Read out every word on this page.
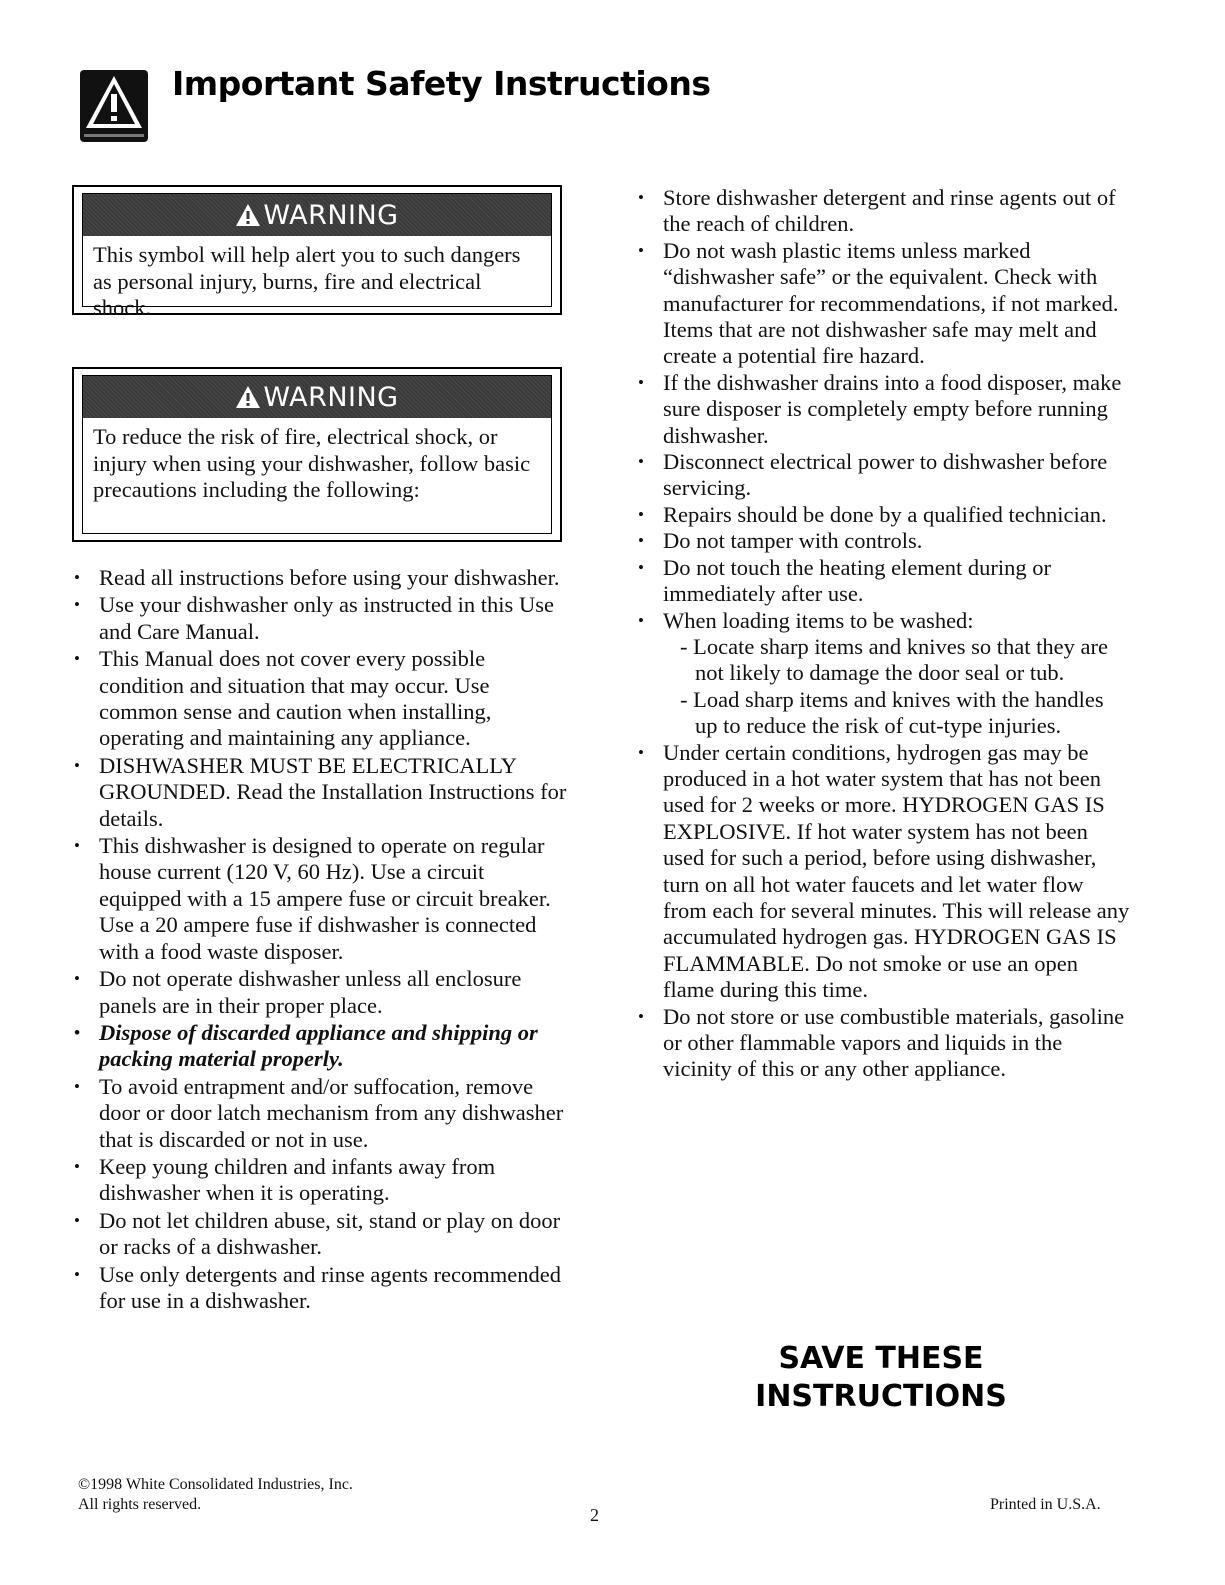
Important Safety Instructions
WARNING
This symbol will help alert you to such dangers as personal injury, burns, fire and electrical shock.
WARNING
To reduce the risk of fire, electrical shock, or injury when using your dishwasher, follow basic precautions including the following:
• Read all instructions before using your dishwasher.
• Use your dishwasher only as instructed in this Use and Care Manual.
• This Manual does not cover every possible condition and situation that may occur. Use common sense and caution when installing, operating and maintaining any appliance.
• DISHWASHER MUST BE ELECTRICALLY GROUNDED. Read the Installation Instructions for details.
• This dishwasher is designed to operate on regular house current (120 V, 60 Hz). Use a circuit equipped with a 15 ampere fuse or circuit breaker. Use a 20 ampere fuse if dishwasher is connected with a food waste disposer.
• Do not operate dishwasher unless all enclosure panels are in their proper place.
• Dispose of discarded appliance and shipping or packing material properly.
• To avoid entrapment and/or suffocation, remove door or door latch mechanism from any dishwasher that is discarded or not in use.
• Keep young children and infants away from dishwasher when it is operating.
• Do not let children abuse, sit, stand or play on door or racks of a dishwasher.
• Use only detergents and rinse agents recommended for use in a dishwasher.
• Store dishwasher detergent and rinse agents out of the reach of children.
• Do not wash plastic items unless marked “dishwasher safe” or the equivalent. Check with manufacturer for recommendations, if not marked. Items that are not dishwasher safe may melt and create a potential fire hazard.
• If the dishwasher drains into a food disposer, make sure disposer is completely empty before running dishwasher.
• Disconnect electrical power to dishwasher before servicing.
• Repairs should be done by a qualified technician.
• Do not tamper with controls.
• Do not touch the heating element during or immediately after use.
• When loading items to be washed:
- Locate sharp items and knives so that they are not likely to damage the door seal or tub.
- Load sharp items and knives with the handles up to reduce the risk of cut-type injuries.
• Under certain conditions, hydrogen gas may be produced in a hot water system that has not been used for 2 weeks or more. HYDROGEN GAS IS EXPLOSIVE. If hot water system has not been used for such a period, before using dishwasher, turn on all hot water faucets and let water flow from each for several minutes. This will release any accumulated hydrogen gas. HYDROGEN GAS IS FLAMMABLE. Do not smoke or use an open flame during this time.
• Do not store or use combustible materials, gasoline or other flammable vapors and liquids in the vicinity of this or any other appliance.
SAVE THESE
INSTRUCTIONS
©1998 White Consolidated Industries, Inc.
All rights reserved.
2
Printed in U.S.A.
